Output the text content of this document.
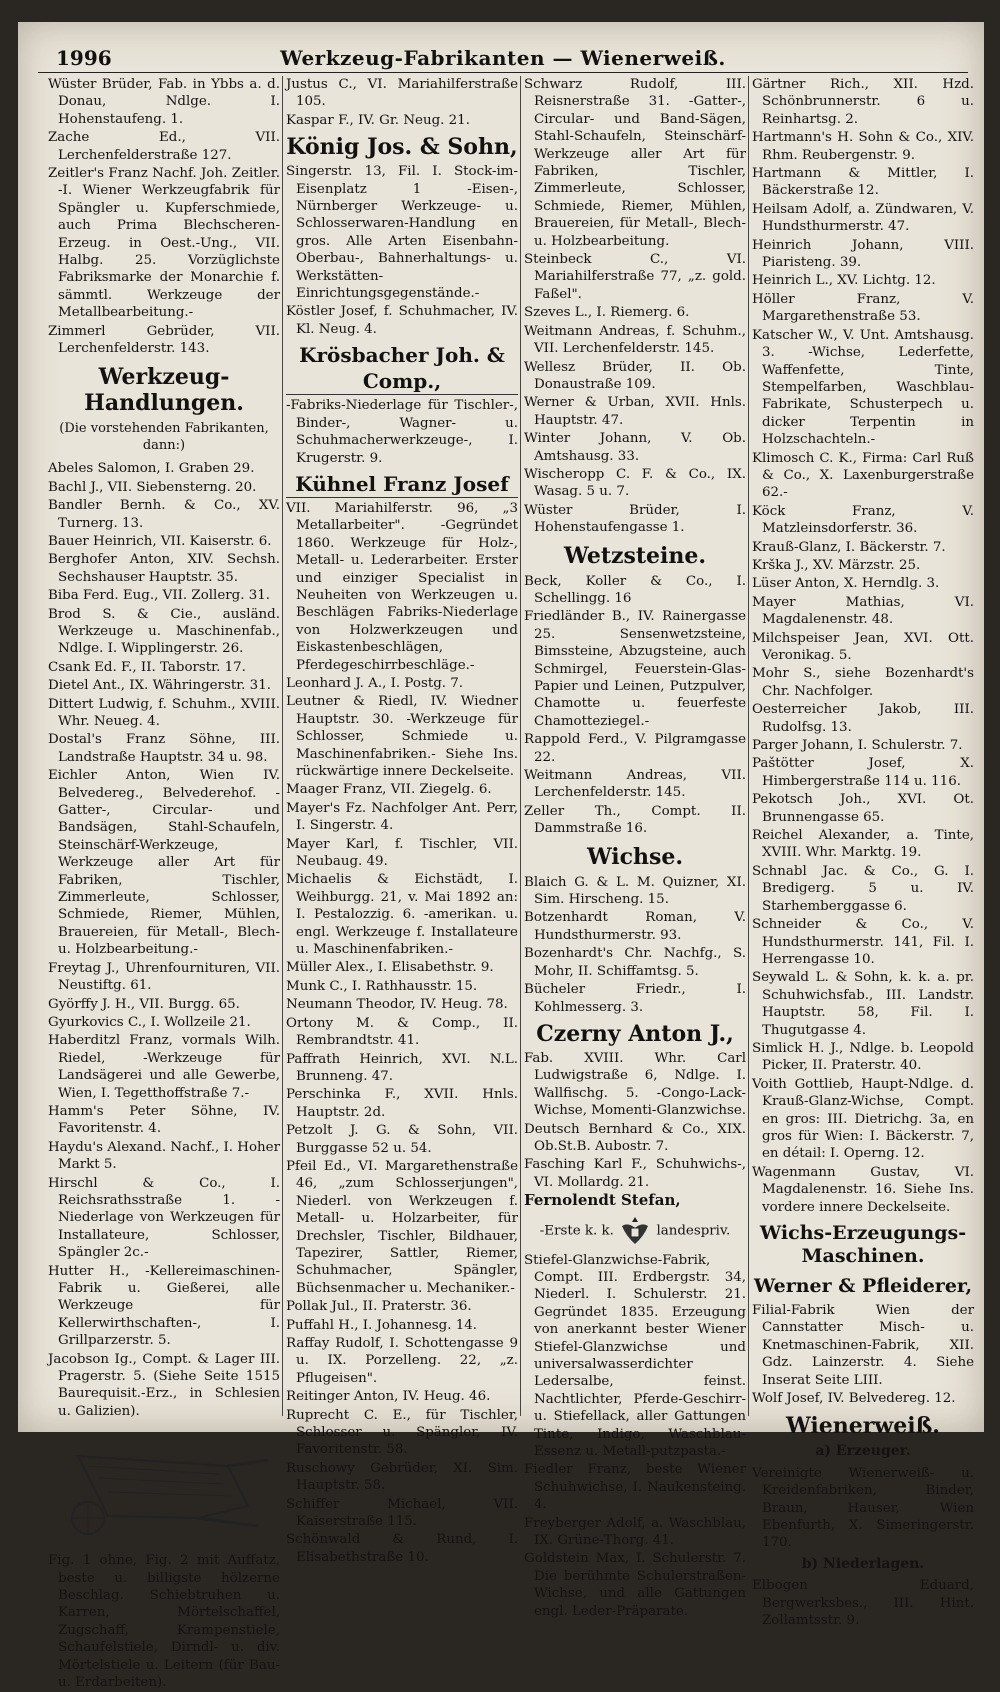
1996	Werkzeug-Fabrikanten — Wienerweiß.
Wüster Brüder, Fab. in Ybbs a. d. Donau, Ndlge. I. Hohenstaufeng. 1.
Zache Ed., VII. Lerchenfelderstraße 127.
Zeitler's Franz Nachf. Joh. Zeitler. -I. Wiener Werkzeugfabrik für Spängler u. Kupferschmiede, auch Prima Blechscheren-Erzeug. in Oest.-Ung., VII. Halbg. 25. Vorzüglichste Fabriksmarke der Monarchie f. sämmtl. Werkzeuge der Metallbearbeitung.-
Zimmerl Gebrüder, VII. Lerchenfelderstr. 143.
Werkzeug-Handlungen.
(Die vorstehenden Fabrikanten, dann:)
Abeles Salomon, I. Graben 29.
Bachl J., VII. Siebensterng. 20.
Bandler Bernh. & Co., XV. Turnerg. 13.
Bauer Heinrich, VII. Kaiserstr. 6.
Berghofer Anton, XIV. Sechsh. Sechshauser Hauptstr. 35.
Biba Ferd. Eug., VII. Zollerg. 31.
Brod S. & Cie., ausländ. Werkzeuge u. Maschinenfab., Ndlge. I. Wipplingerstr. 26.
Csank Ed. F., II. Taborstr. 17.
Dietel Ant., IX. Währingerstr. 31.
Dittert Ludwig, f. Schuhm., XVIII. Whr. Neueg. 4.
Dostal's Franz Söhne, III. Landstraße Hauptstr. 34 u. 98.
Eichler Anton, Wien IV. Belvedereg., Belvederehof. -Gatter-, Circular- und Bandsägen, Stahl-Schaufeln, Steinschärf-Werkzeuge, Werkzeuge aller Art für Fabriken, Tischler, Zimmerleute, Schlosser, Schmiede, Riemer, Mühlen, Brauereien, für Metall-, Blech- u. Holzbearbeitung.-
Freytag J., Uhrenfournituren, VII. Neustiftg. 61.
Györffy J. H., VII. Burgg. 65.
Gyurkovics C., I. Wollzeile 21.
Haberditzl Franz, vormals Wilh. Riedel, -Werkzeuge für Landsägerei und alle Gewerbe, Wien, I. Tegetthoffstraße 7.-
Hamm's Peter Söhne, IV. Favoritenstr. 4.
Haydu's Alexand. Nachf., I. Hoher Markt 5.
Hirschl & Co., I. Reichsrathsstraße 1. -Niederlage von Werkzeugen für Installateure, Schlosser, Spängler 2c.-
Hutter H., -Kellereimaschinen-Fabrik u. Gießerei, alle Werkzeuge für Kellerwirthschaften-, I. Grillparzerstr. 5.
Jacobson Ig., Compt. & Lager III. Pragerstr. 5. (Siehe Seite 1515 Baurequisit.-Erz., in Schlesien u. Galizien).
Fig. 1 ohne, Fig. 2 mit Auffatz, beste u. billigste hölzerne Beschlag. Schiebtruhen u. Karren, Mörtelschaffel, Zugschaff, Krampenstiele, Schaufelstiele, Dirndl- u. div. Mörtelstiele u. Leitern (für Bau- u. Erdarbeiten).
Justus C., VI. Mariahilferstraße 105.
Kaspar F., IV. Gr. Neug. 21.
König Jos. & Sohn,
Singerstr. 13, Fil. I. Stock-im-Eisenplatz 1 -Eisen-, Nürnberger Werkzeuge- u. Schlosserwaren-Handlung en gros. Alle Arten Eisenbahn-Oberbau-, Bahnerhaltungs- u. Werkstätten-Einrichtungsgegenstände.-
Köstler Josef, f. Schuhmacher, IV. Kl. Neug. 4.
Krösbacher Joh. & Comp.,
-Fabriks-Niederlage für Tischler-, Binder-, Wagner- u. Schuhmacherwerkzeuge-, I. Krugerstr. 9.
Kühnel Franz Josef
VII. Mariahilferstr. 96, „3 Metallarbeiter". -Gegründet 1860. Werkzeuge für Holz-, Metall- u. Lederarbeiter. Erster und einziger Specialist in Neuheiten von Werkzeugen u. Beschlägen Fabriks-Niederlage von Holzwerkzeugen und Eiskastenbeschlägen, Pferdegeschirrbeschläge.-
Leonhard J. A., I. Postg. 7.
Leutner & Riedl, IV. Wiedner Hauptstr. 30. -Werkzeuge für Schlosser, Schmiede u. Maschinenfabriken.- Siehe Ins. rückwärtige innere Deckelseite.
Maager Franz, VII. Ziegelg. 6.
Mayer's Fz. Nachfolger Ant. Perr, I. Singerstr. 4.
Mayer Karl, f. Tischler, VII. Neubaug. 49.
Michaelis & Eichstädt, I. Weihburgg. 21, v. Mai 1892 an: I. Pestalozzig. 6. -amerikan. u. engl. Werkzeuge f. Installateure u. Maschinenfabriken.-
Müller Alex., I. Elisabethstr. 9.
Munk C., I. Rathhausstr. 15.
Neumann Theodor, IV. Heug. 78.
Ortony M. & Comp., II. Rembrandtstr. 41.
Paffrath Heinrich, XVI. N.L. Brunneng. 47.
Perschinka F., XVII. Hnls. Hauptstr. 2d.
Petzolt J. G. & Sohn, VII. Burggasse 52 u. 54.
Pfeil Ed., VI. Margarethenstraße 46, „zum Schlosserjungen", Niederl. von Werkzeugen f. Metall- u. Holzarbeiter, für Drechsler, Tischler, Bildhauer, Tapezirer, Sattler, Riemer, Schuhmacher, Spängler, Büchsenmacher u. Mechaniker.-
Pollak Jul., II. Praterstr. 36.
Puffahl H., I. Johannesg. 14.
Raffay Rudolf, I. Schottengasse 9 u. IX. Porzelleng. 22, „z. Pflugeisen".
Reitinger Anton, IV. Heug. 46.
Ruprecht C. E., für Tischler, Schlosser u. Spängler, IV. Favoritenstr. 58.
Ruschowy Gebrüder, XI. Sim. Hauptstr. 58.
Schiffer Michael, VII. Kaiserstraße 115.
Schönwald & Rund, I. Elisabethstraße 10.
Schwarz Rudolf, III. Reisnerstraße 31. -Gatter-, Circular- und Band-Sägen, Stahl-Schaufeln, Steinschärf-Werkzeuge aller Art für Fabriken, Tischler, Zimmerleute, Schlosser, Schmiede, Riemer, Mühlen, Brauereien, für Metall-, Blech- u. Holzbearbeitung.
Steinbeck C., VI. Mariahilferstraße 77, „z. gold. Faßel".
Szeves L., I. Riemerg. 6.
Weitmann Andreas, f. Schuhm., VII. Lerchenfelderstr. 145.
Wellesz Brüder, II. Ob. Donaustraße 109.
Werner & Urban, XVII. Hnls. Hauptstr. 47.
Winter Johann, V. Ob. Amtshausg. 33.
Wischeropp C. F. & Co., IX. Wasag. 5 u. 7.
Wüster Brüder, I. Hohenstaufengasse 1.
Wetzsteine.
Beck, Koller & Co., I. Schellingg. 16
Friedländer B., IV. Rainergasse 25. Sensenwetzsteine, Bimssteine, Abzugsteine, auch Schmirgel, Feuerstein-Glas-Papier und Leinen, Putzpulver, Chamotte u. feuerfeste Chamotteziegel.-
Rappold Ferd., V. Pilgramgasse 22.
Weitmann Andreas, VII. Lerchenfelderstr. 145.
Zeller Th., Compt. II. Dammstraße 16.
Wichse.
Blaich G. & L. M. Quizner, XI. Sim. Hirscheng. 15.
Botzenhardt Roman, V. Hundsthurmerstr. 93.
Bozenhardt's Chr. Nachfg., S. Mohr, II. Schiffamtsg. 5.
Bücheler Friedr., I. Kohlmesserg. 3.
Czerny Anton J.,
Fab. XVIII. Whr. Carl Ludwigstraße 6, Ndlge. I. Wallfischg. 5. -Congo-Lack-Wichse, Momenti-Glanzwichse.
Deutsch Bernhard & Co., XIX. Ob.St.B. Aubostr. 7.
Fasching Karl F., Schuhwichs-, VI. Mollardg. 21.
Fernolendt Stefan,
-Erste k. k.	landespriv.
Stiefel-Glanzwichse-Fabrik, Compt. III. Erdbergstr. 34, Niederl. I. Schulerstr. 21. Gegründet 1835. Erzeugung von anerkannt bester Wiener Stiefel-Glanzwichse und universalwasserdichter Ledersalbe, feinst. Nachtlichter, Pferde-Geschirr- u. Stiefellack, aller Gattungen Tinte, Indigo, Waschblau-Essenz u. Metall-putzpasta.-
Fiedler Franz, beste Wiener Schuhwichse, I. Naukensteing. 4.
Freyberger Adolf, a. Waschblau, IX. Grüne-Thorg. 41.
Goldstein Max, I. Schulerstr. 7. Die berühmte Schulerstraßen-Wichse, und alle Gattungen engl. Leder-Präparate.
Gärtner Rich., XII. Hzd. Schönbrunnerstr. 6 u. Reinhartsg. 2.
Hartmann's H. Sohn & Co., XIV. Rhm. Reubergenstr. 9.
Hartmann & Mittler, I. Bäckerstraße 12.
Heilsam Adolf, a. Zündwaren, V. Hundsthurmerstr. 47.
Heinrich Johann, VIII. Piaristeng. 39.
Heinrich L., XV. Lichtg. 12.
Höller Franz, V. Margarethenstraße 53.
Katscher W., V. Unt. Amtshausg. 3. -Wichse, Lederfette, Waffenfette, Tinte, Stempelfarben, Waschblau-Fabrikate, Schusterpech u. dicker Terpentin in Holzschachteln.-
Klimosch C. K., Firma: Carl Ruß & Co., X. Laxenburgerstraße 62.-
Köck Franz, V. Matzleinsdorferstr. 36.
Krauß-Glanz, I. Bäckerstr. 7.
Krška J., XV. Märzstr. 25.
Lüser Anton, X. Herndlg. 3.
Mayer Mathias, VI. Magdalenenstr. 48.
Milchspeiser Jean, XVI. Ott. Veronikag. 5.
Mohr S., siehe Bozenhardt's Chr. Nachfolger.
Oesterreicher Jakob, III. Rudolfsg. 13.
Parger Johann, I. Schulerstr. 7.
Paštötter Josef, X. Himbergerstraße 114 u. 116.
Pekotsch Joh., XVI. Ot. Brunnengasse 65.
Reichel Alexander, a. Tinte, XVIII. Whr. Marktg. 19.
Schnabl Jac. & Co., G. I. Bredigerg. 5 u. IV. Starhemberggasse 6.
Schneider & Co., V. Hundsthurmerstr. 141, Fil. I. Herrengasse 10.
Seywald L. & Sohn, k. k. a. pr. Schuhwichsfab., III. Landstr. Hauptstr. 58, Fil. I. Thugutgasse 4.
Simlick H. J., Ndlge. b. Leopold Picker, II. Praterstr. 40.
Voith Gottlieb, Haupt-Ndlge. d. Krauß-Glanz-Wichse, Compt. en gros: III. Dietrichg. 3a, en gros für Wien: I. Bäckerstr. 7, en détail: I. Operng. 12.
Wagenmann Gustav, VI. Magdalenenstr. 16. Siehe Ins. vordere innere Deckelseite.
Wichs-Erzeugungs-Maschinen.
Werner & Pfleiderer,
Filial-Fabrik Wien der Cannstatter Misch- u. Knetmaschinen-Fabrik, XII. Gdz. Lainzerstr. 4. Siehe Inserat Seite LIII.
Wolf Josef, IV. Belvedereg. 12.
Wienerweiß.
a) Erzeuger.
Vereinigte Wienerweiß- u. Kreidenfabriken, Binder, Braun, Hauser, Wien Ebenfurth, X. Simeringerstr. 170.
b) Niederlagen.
Elbogen Eduard, Bergwerksbes., III. Hint. Zollamtsstr. 9.
